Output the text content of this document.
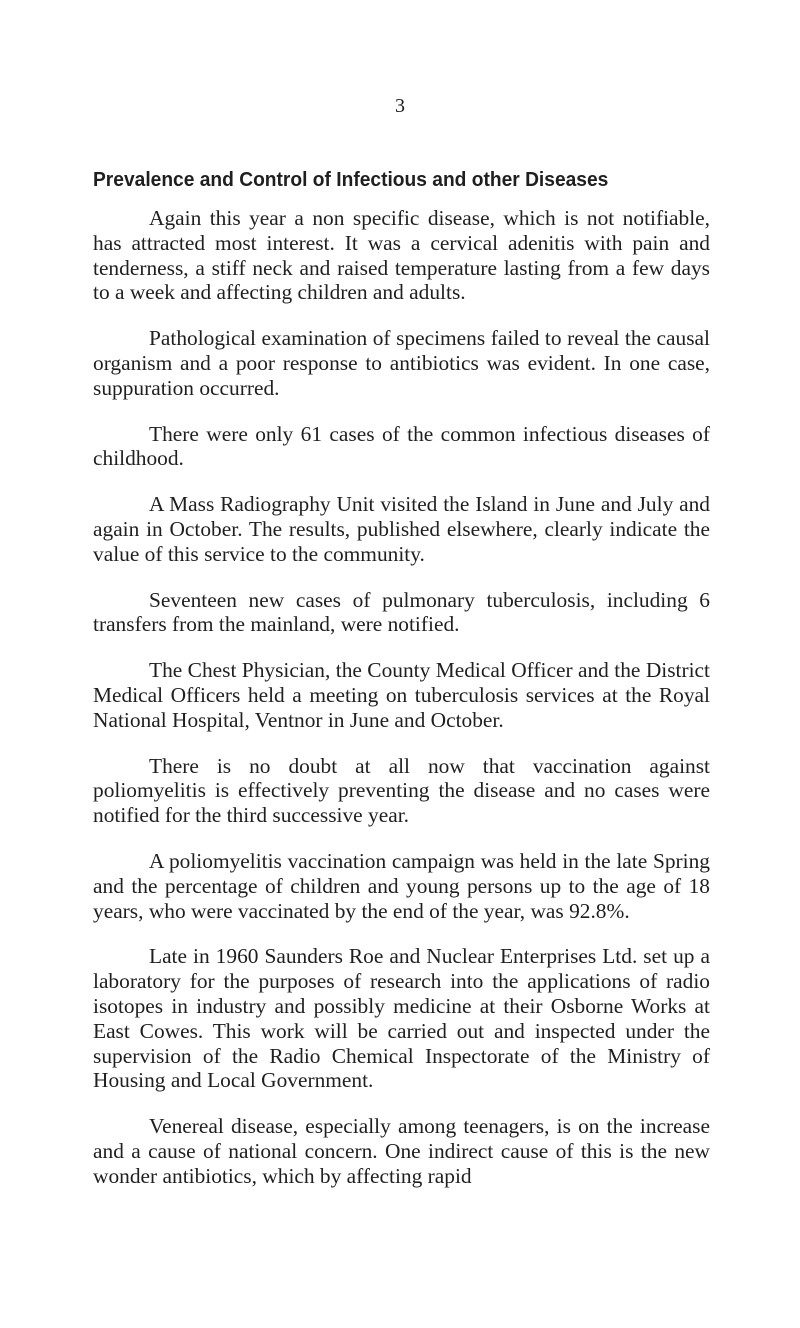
3
Prevalence and Control of Infectious and other Diseases

Again this year a non specific disease, which is not notifiable, has attracted most interest. It was a cervical adenitis with pain and tenderness, a stiff neck and raised temperature lasting from a few days to a week and affecting children and adults.

Pathological examination of specimens failed to reveal the causal organism and a poor response to antibiotics was evident. In one case, suppuration occurred.

There were only 61 cases of the common infectious diseases of childhood.

A Mass Radiography Unit visited the Island in June and July and again in October. The results, published elsewhere, clearly indicate the value of this service to the community.

Seventeen new cases of pulmonary tuberculosis, including 6 transfers from the mainland, were notified.

The Chest Physician, the County Medical Officer and the District Medical Officers held a meeting on tuberculosis services at the Royal National Hospital, Ventnor in June and October.

There is no doubt at all now that vaccination against poliomyelitis is effectively preventing the disease and no cases were notified for the third successive year.

A poliomyelitis vaccination campaign was held in the late Spring and the percentage of children and young persons up to the age of 18 years, who were vaccinated by the end of the year, was 92.8%.

Late in 1960 Saunders Roe and Nuclear Enterprises Ltd. set up a laboratory for the purposes of research into the applications of radio isotopes in industry and possibly medicine at their Osborne Works at East Cowes. This work will be carried out and inspected under the supervision of the Radio Chemical Inspectorate of the Ministry of Housing and Local Government.

Venereal disease, especially among teenagers, is on the increase and a cause of national concern. One indirect cause of this is the new wonder antibiotics, which by affecting rapid
